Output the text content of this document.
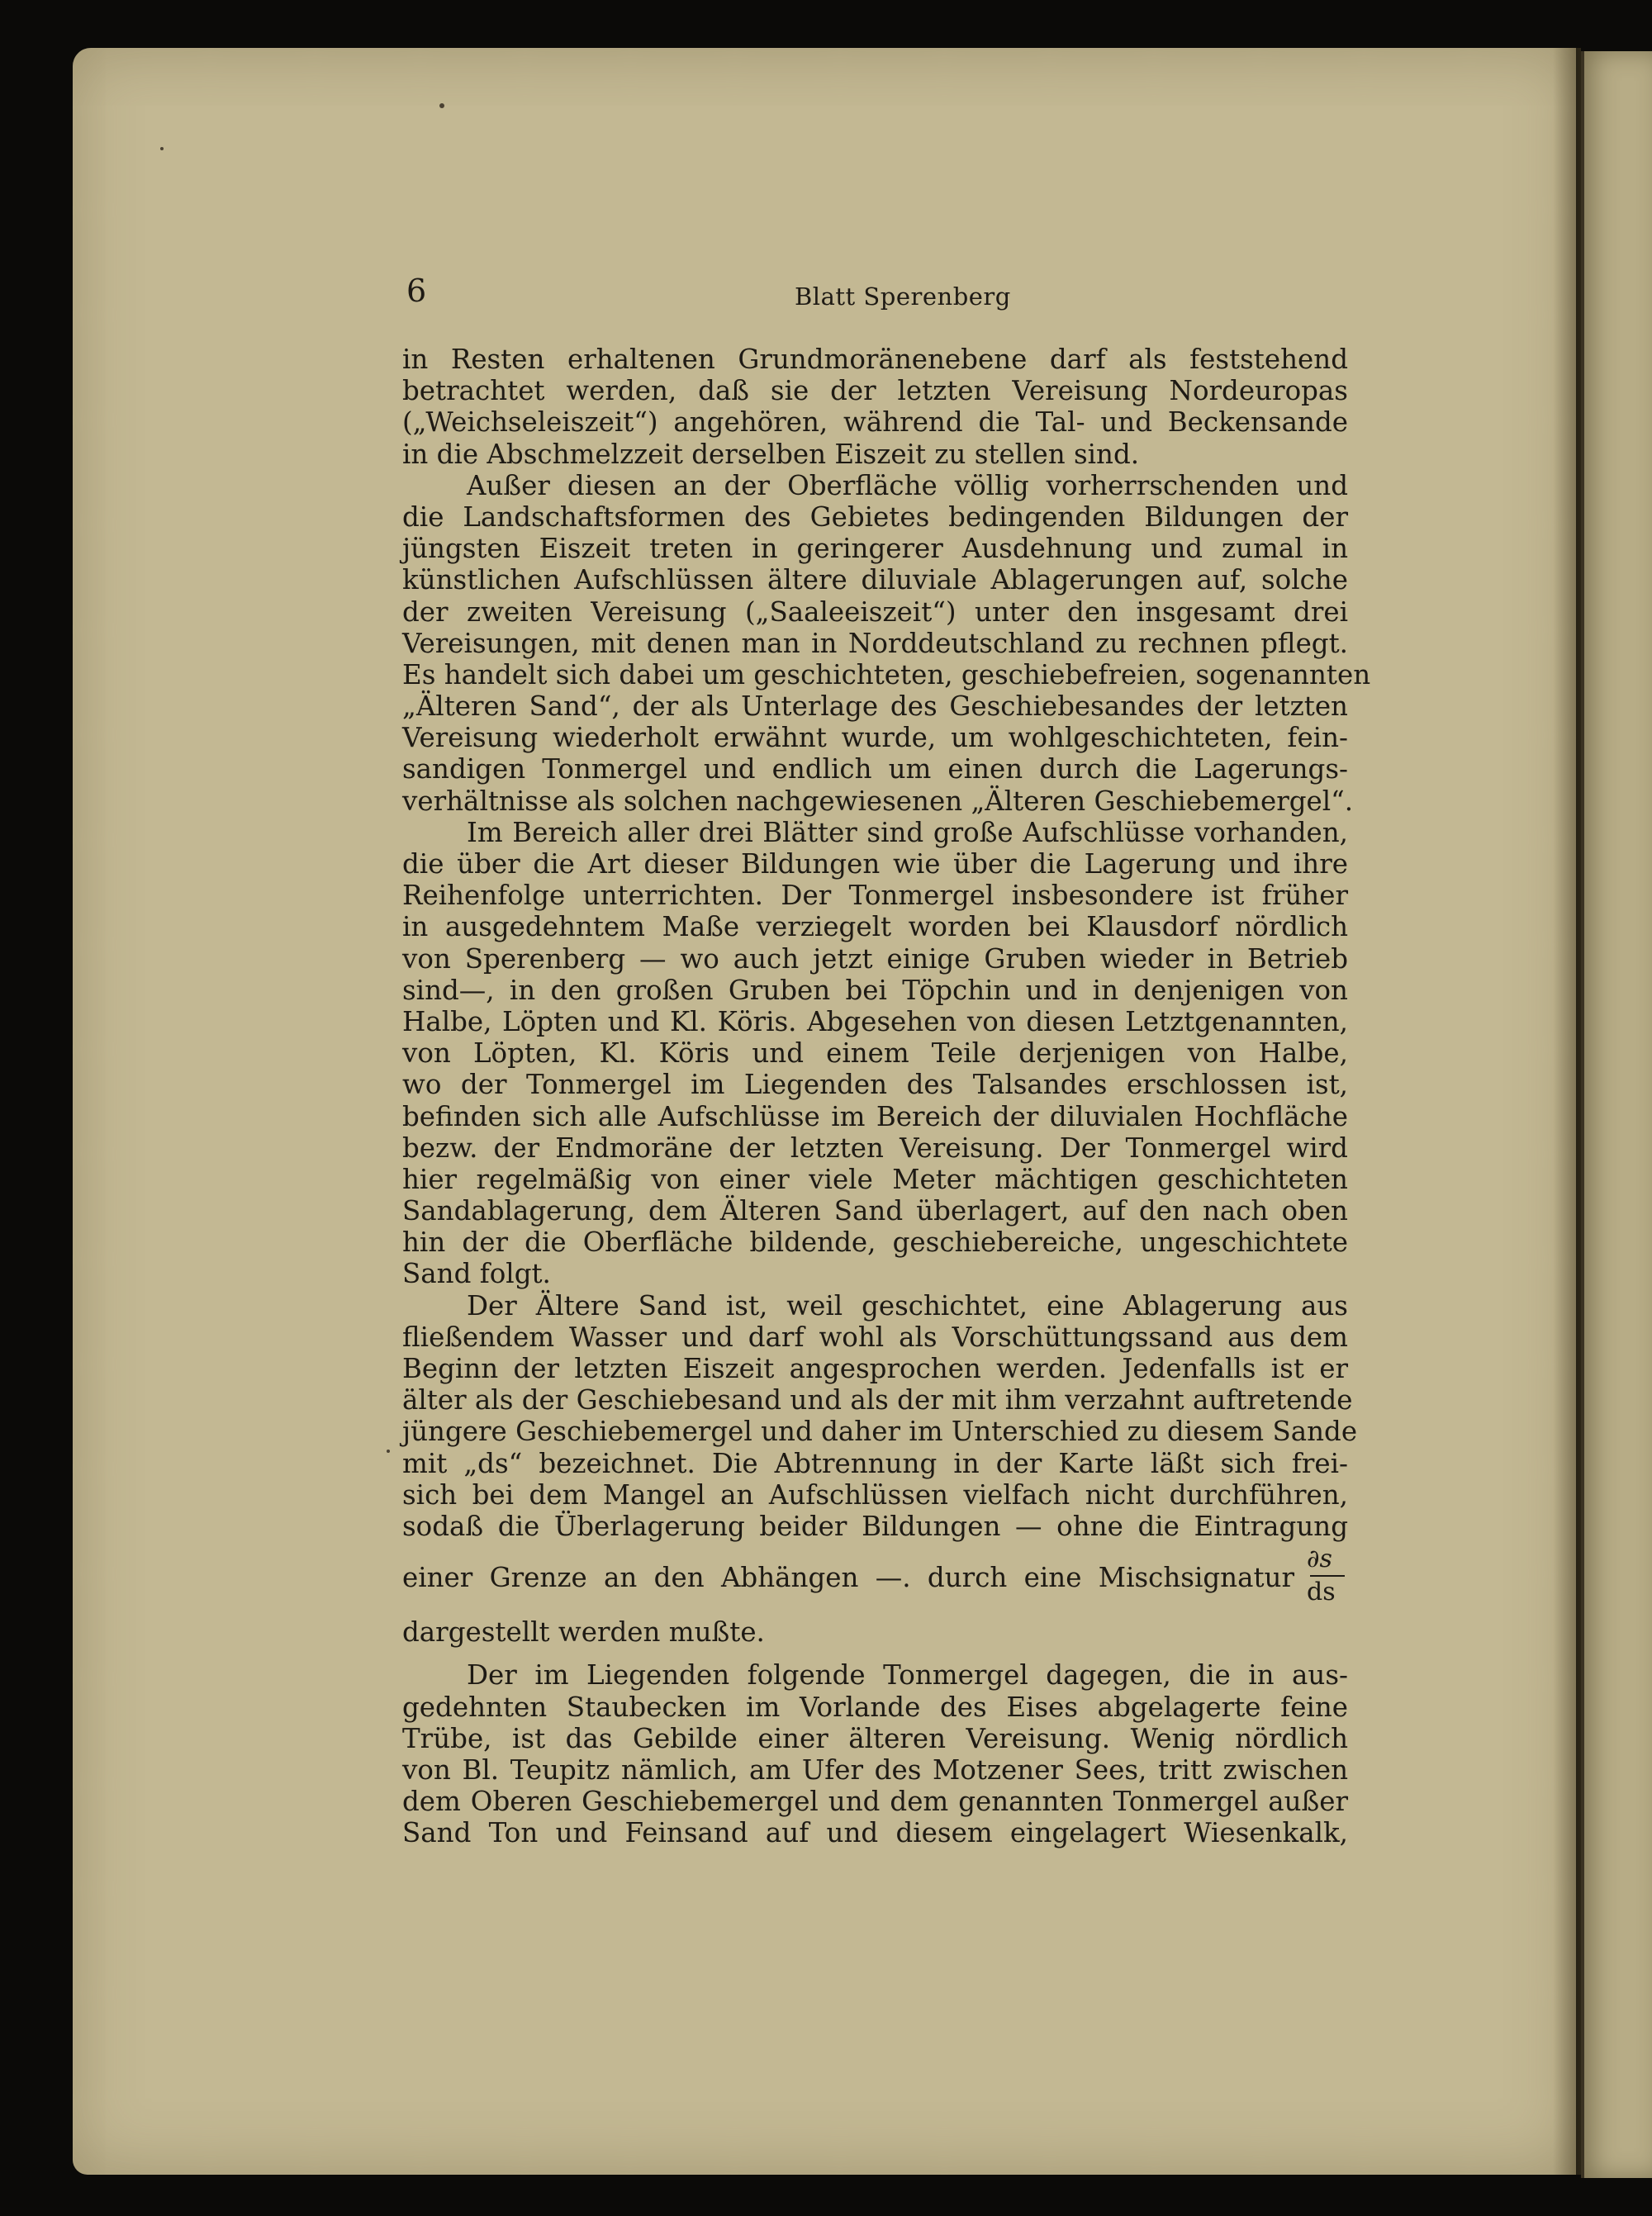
6	Blatt Sperenberg
in Resten erhaltenen Grundmoränenebene darf als feststehend
betrachtet werden, daß sie der letzten Vereisung Nordeuropas
(„Weichseleiszeit“) angehören, während die Tal- und Beckensande
in die Abschmelzzeit derselben Eiszeit zu stellen sind.
Außer diesen an der Oberfläche völlig vorherrschenden und
die Landschaftsformen des Gebietes bedingenden Bildungen der
jüngsten Eiszeit treten in geringerer Ausdehnung und zumal in
künstlichen Aufschlüssen ältere diluviale Ablagerungen auf, solche
der zweiten Vereisung („Saaleeiszeit“) unter den insgesamt drei
Vereisungen, mit denen man in Norddeutschland zu rechnen pflegt.
Es handelt sich dabei um geschichteten, geschiebefreien, sogenannten
„Älteren Sand“, der als Unterlage des Geschiebesandes der letzten
Vereisung wiederholt erwähnt wurde, um wohlgeschichteten, fein-
sandigen Tonmergel und endlich um einen durch die Lagerungs-
verhältnisse als solchen nachgewiesenen „Älteren Geschiebemergel“.
Im Bereich aller drei Blätter sind große Aufschlüsse vorhanden,
die über die Art dieser Bildungen wie über die Lagerung und ihre
Reihenfolge unterrichten. Der Tonmergel insbesondere ist früher
in ausgedehntem Maße verziegelt worden bei Klausdorf nördlich
von Sperenberg — wo auch jetzt einige Gruben wieder in Betrieb
sind—, in den großen Gruben bei Töpchin und in denjenigen von
Halbe, Löpten und Kl. Köris. Abgesehen von diesen Letztgenannten,
von Löpten, Kl. Köris und einem Teile derjenigen von Halbe,
wo der Tonmergel im Liegenden des Talsandes erschlossen ist,
befinden sich alle Aufschlüsse im Bereich der diluvialen Hochfläche
bezw. der Endmoräne der letzten Vereisung. Der Tonmergel wird
hier regelmäßig von einer viele Meter mächtigen geschichteten
Sandablagerung, dem Älteren Sand überlagert, auf den nach oben
hin der die Oberfläche bildende, geschiebereiche, ungeschichtete
Sand folgt.
Der Ältere Sand ist, weil geschichtet, eine Ablagerung aus
fließendem Wasser und darf wohl als Vorschüttungssand aus dem
Beginn der letzten Eiszeit angesprochen werden. Jedenfalls ist er
älter als der Geschiebesand und als der mit ihm verzahnt auftretende
jüngere Geschiebemergel und daher im Unterschied zu diesem Sande
mit „ds“ bezeichnet. Die Abtrennung in der Karte läßt sich frei-
sich bei dem Mangel an Aufschlüssen vielfach nicht durchführen,
sodaß die Überlagerung beider Bildungen — ohne die Eintragung
einer Grenze an den Abhängen —. durch eine Mischsignatur
∂s
ds
dargestellt werden mußte.
Der im Liegenden folgende Tonmergel dagegen, die in aus-
gedehnten Staubecken im Vorlande des Eises abgelagerte feine
Trübe, ist das Gebilde einer älteren Vereisung. Wenig nördlich
von Bl. Teupitz nämlich, am Ufer des Motzener Sees, tritt zwischen
dem Oberen Geschiebemergel und dem genannten Tonmergel außer
Sand Ton und Feinsand auf und diesem eingelagert Wiesenkalk,
